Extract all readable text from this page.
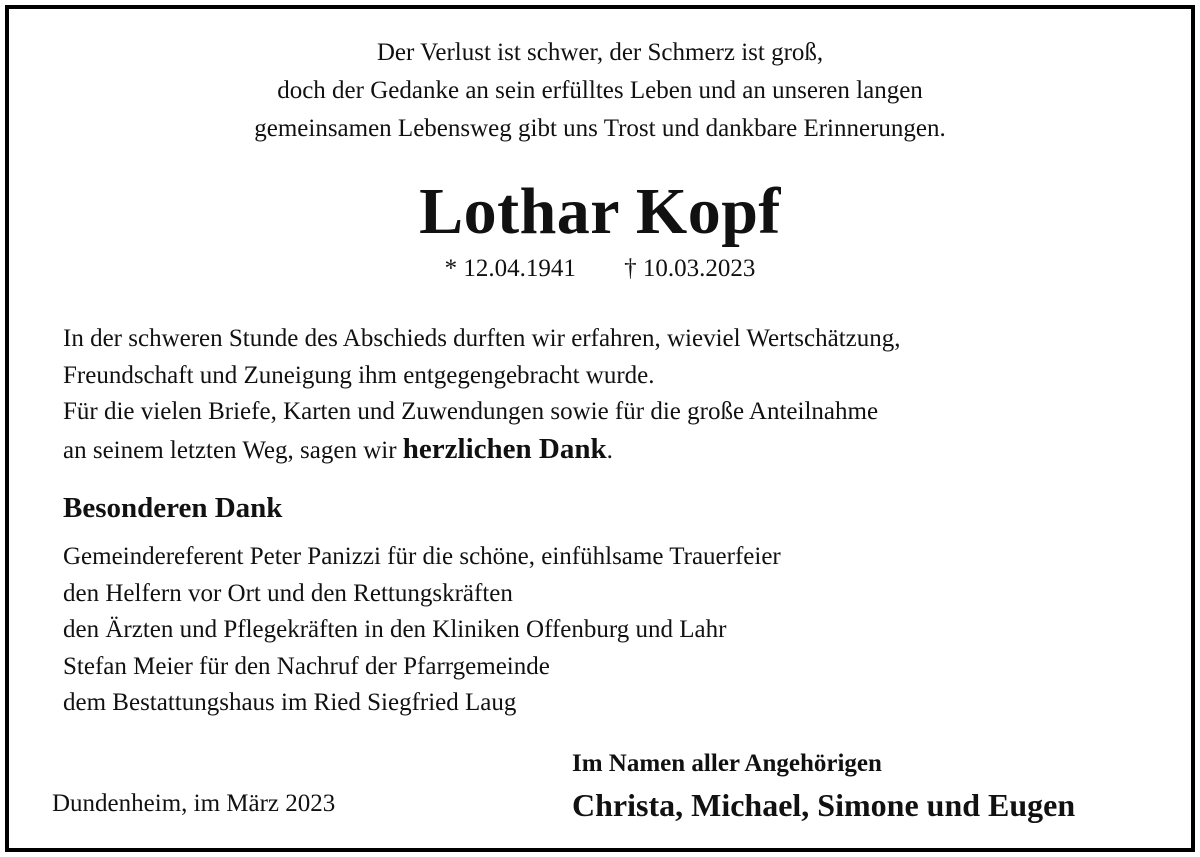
Der Verlust ist schwer, der Schmerz ist groß,
doch der Gedanke an sein erfülltes Leben und an unseren langen
gemeinsamen Lebensweg gibt uns Trost und dankbare Erinnerungen.
Lothar Kopf
* 12.04.1941 † 10.03.2023
In der schweren Stunde des Abschieds durften wir erfahren, wieviel Wertschätzung,
Freundschaft und Zuneigung ihm entgegengebracht wurde.
Für die vielen Briefe, Karten und Zuwendungen sowie für die große Anteilnahme
an seinem letzten Weg, sagen wir herzlichen Dank.
Besonderen Dank
Gemeindereferent Peter Panizzi für die schöne, einfühlsame Trauerfeier
den Helfern vor Ort und den Rettungskräften
den Ärzten und Pflegekräften in den Kliniken Offenburg und Lahr
Stefan Meier für den Nachruf der Pfarrgemeinde
dem Bestattungshaus im Ried Siegfried Laug
Dundenheim, im März 2023
Im Namen aller Angehörigen
Christa, Michael, Simone und Eugen
